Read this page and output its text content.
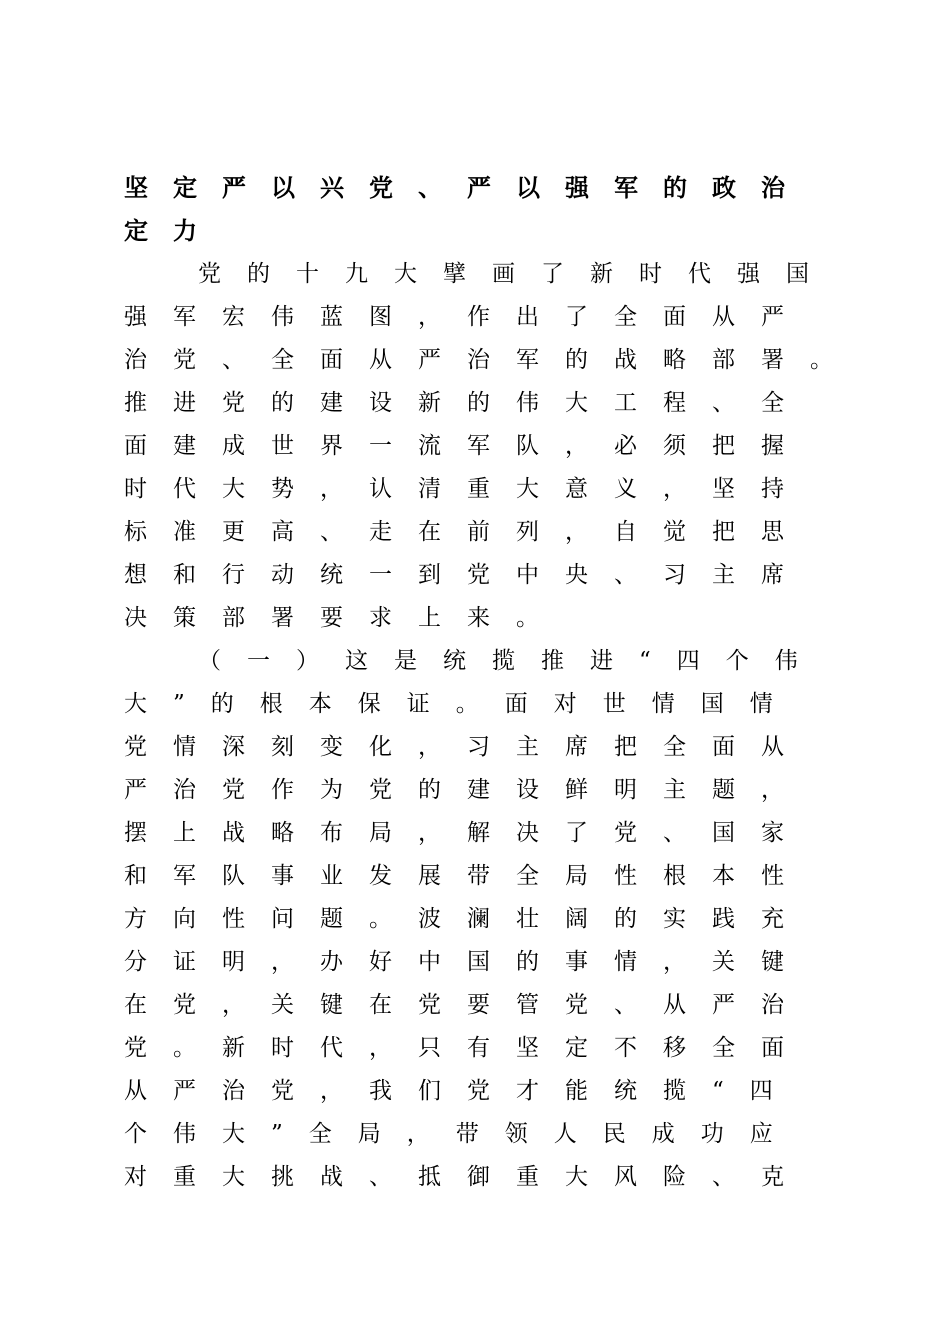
坚定严以兴党、严以强军的政治
定力
党的十九大擘画了新时代强国
强军宏伟蓝图，作出了全面从严
治党、全面从严治军的战略部署。
推进党的建设新的伟大工程、全
面建成世界一流军队，必须把握
时代大势，认清重大意义，坚持
标准更高、走在前列，自觉把思
想和行动统一到党中央、习主席
决策部署要求上来。
（一）这是统揽推进“四个伟
大”的根本保证。面对世情国情
党情深刻变化，习主席把全面从
严治党作为党的建设鲜明主题，
摆上战略布局，解决了党、国家
和军队事业发展带全局性根本性
方向性问题。波澜壮阔的实践充
分证明，办好中国的事情，关键
在党，关键在党要管党、从严治
党。新时代，只有坚定不移全面
从严治党，我们党才能统揽“四
个伟大”全局，带领人民成功应
对重大挑战、抵御重大风险、克
